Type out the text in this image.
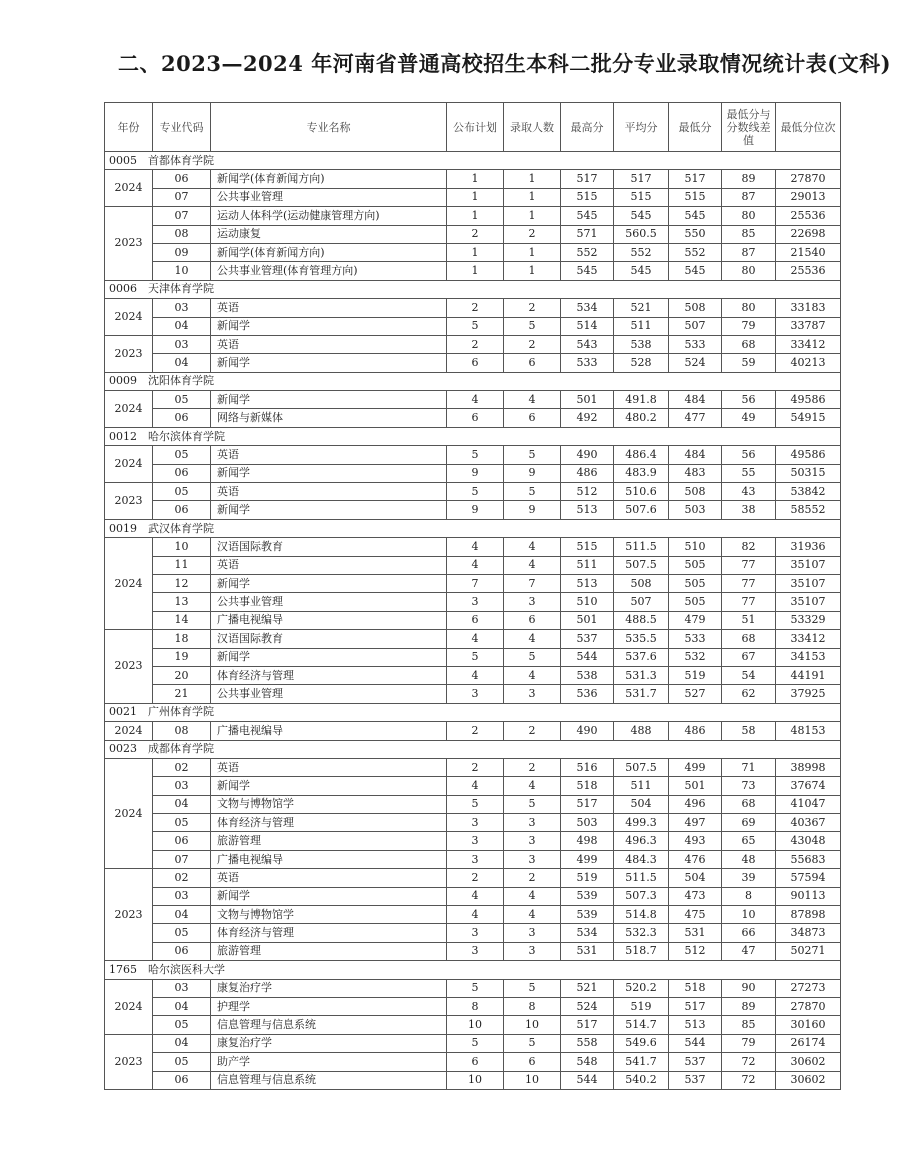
二、2023—2024 年河南省普通高校招生本科二批分专业录取情况统计表(文科)
年份	专业代码	专业名称	公布计划	录取人数	最高分	平均分	最低分	最低分与分数线差值	最低分位次
0005　首都体育学院									
2024	06	新闻学(体育新闻方向)	1	1	517	517	517	89	27870
	07	公共事业管理	1	1	515	515	515	87	29013
2023	07	运动人体科学(运动健康管理方向)	1	1	545	545	545	80	25536
	08	运动康复	2	2	571	560.5	550	85	22698
	09	新闻学(体育新闻方向)	1	1	552	552	552	87	21540
	10	公共事业管理(体育管理方向)	1	1	545	545	545	80	25536
0006　天津体育学院									
2024	03	英语	2	2	534	521	508	80	33183
	04	新闻学	5	5	514	511	507	79	33787
2023	03	英语	2	2	543	538	533	68	33412
	04	新闻学	6	6	533	528	524	59	40213
0009　沈阳体育学院									
2024	05	新闻学	4	4	501	491.8	484	56	49586
	06	网络与新媒体	6	6	492	480.2	477	49	54915
0012　哈尔滨体育学院									
2024	05	英语	5	5	490	486.4	484	56	49586
	06	新闻学	9	9	486	483.9	483	55	50315
2023	05	英语	5	5	512	510.6	508	43	53842
	06	新闻学	9	9	513	507.6	503	38	58552
0019　武汉体育学院									
2024	10	汉语国际教育	4	4	515	511.5	510	82	31936
	11	英语	4	4	511	507.5	505	77	35107
	12	新闻学	7	7	513	508	505	77	35107
	13	公共事业管理	3	3	510	507	505	77	35107
	14	广播电视编导	6	6	501	488.5	479	51	53329
2023	18	汉语国际教育	4	4	537	535.5	533	68	33412
	19	新闻学	5	5	544	537.6	532	67	34153
	20	体育经济与管理	4	4	538	531.3	519	54	44191
	21	公共事业管理	3	3	536	531.7	527	62	37925
0021　广州体育学院									
2024	08	广播电视编导	2	2	490	488	486	58	48153
0023　成都体育学院									
2024	02	英语	2	2	516	507.5	499	71	38998
	03	新闻学	4	4	518	511	501	73	37674
	04	文物与博物馆学	5	5	517	504	496	68	41047
	05	体育经济与管理	3	3	503	499.3	497	69	40367
	06	旅游管理	3	3	498	496.3	493	65	43048
	07	广播电视编导	3	3	499	484.3	476	48	55683
2023	02	英语	2	2	519	511.5	504	39	57594
	03	新闻学	4	4	539	507.3	473	8	90113
	04	文物与博物馆学	4	4	539	514.8	475	10	87898
	05	体育经济与管理	3	3	534	532.3	531	66	34873
	06	旅游管理	3	3	531	518.7	512	47	50271
1765　哈尔滨医科大学									
2024	03	康复治疗学	5	5	521	520.2	518	90	27273
	04	护理学	8	8	524	519	517	89	27870
	05	信息管理与信息系统	10	10	517	514.7	513	85	30160
2023	04	康复治疗学	5	5	558	549.6	544	79	26174
	05	助产学	6	6	548	541.7	537	72	30602
	06	信息管理与信息系统	10	10	544	540.2	537	72	30602
